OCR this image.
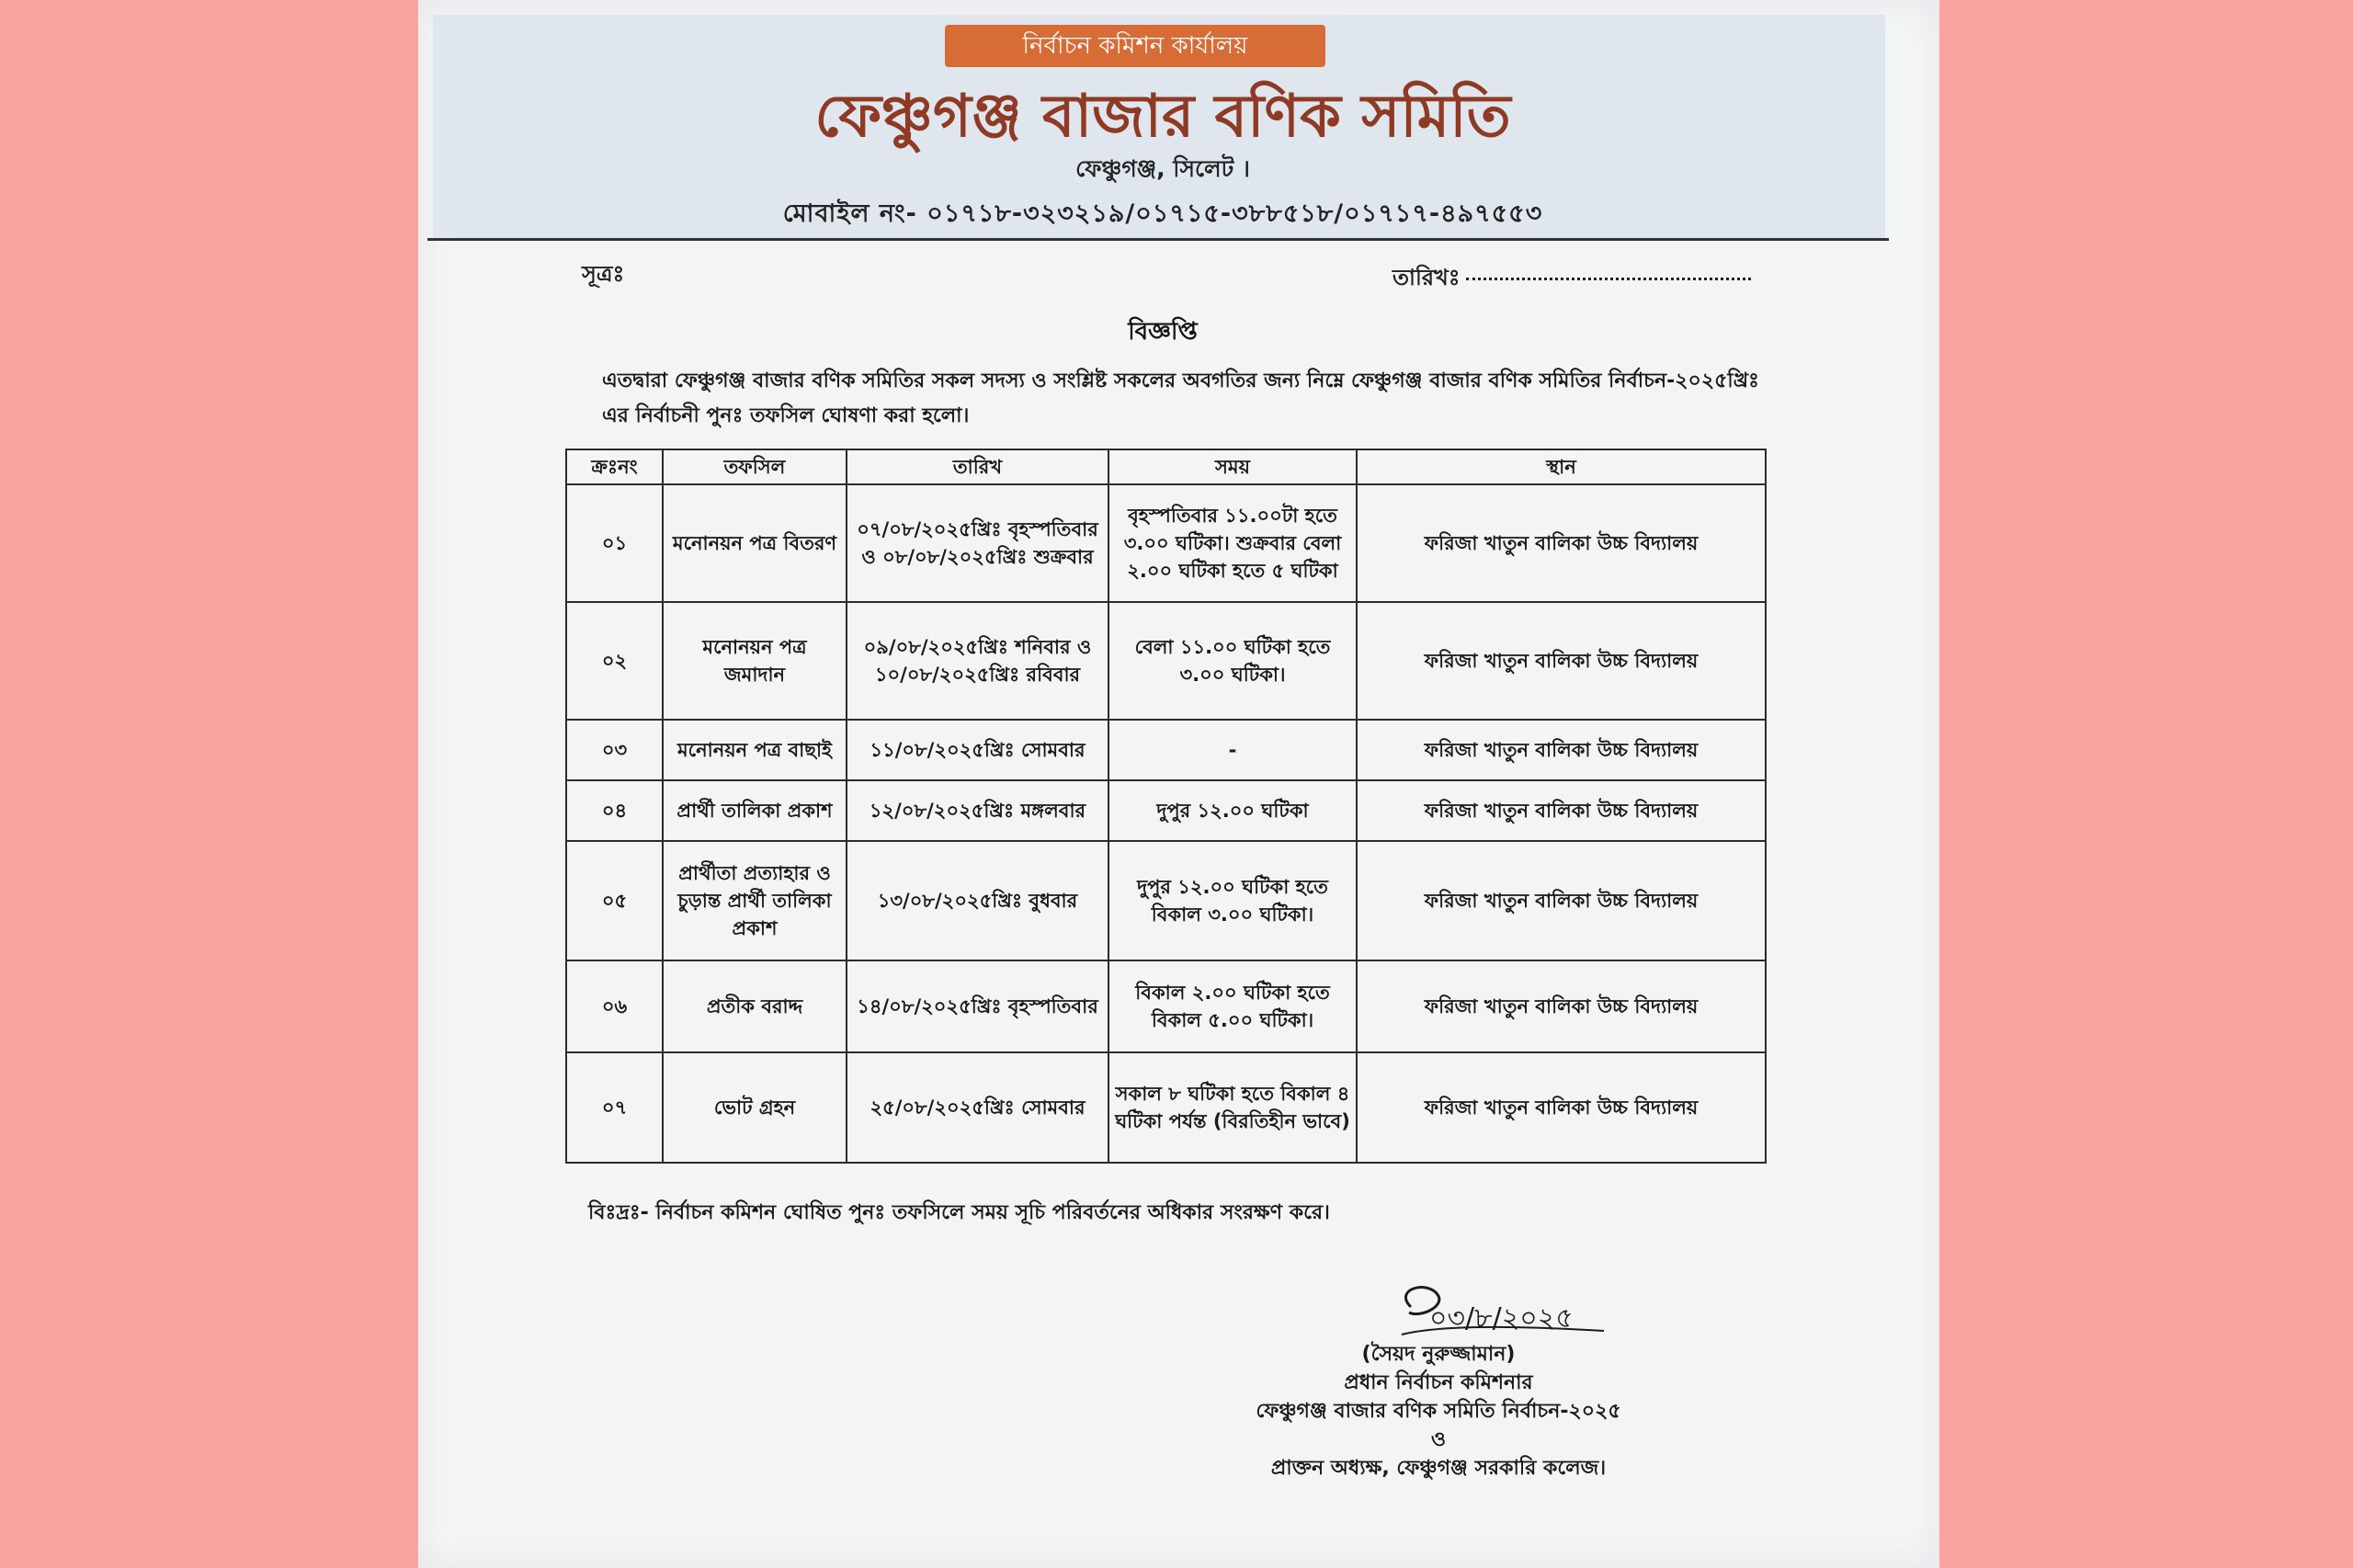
নির্বাচন কমিশন কার্যালয়
ফেঞ্চুগঞ্জ বাজার বণিক সমিতি
ফেঞ্চুগঞ্জ, সিলেট ।
মোবাইল নং- ০১৭১৮-৩২৩২১৯/০১৭১৫-৩৮৮৫১৮/০১৭১৭-৪৯৭৫৫৩
সূত্রঃ	তারিখঃ
বিজ্ঞপ্তি
এতদ্বারা ফেঞ্চুগঞ্জ বাজার বণিক সমিতির সকল সদস্য ও সংশ্লিষ্ট সকলের অবগতির জন্য নিম্নে ফেঞ্চুগঞ্জ বাজার বণিক সমিতির নির্বাচন-২০২৫খ্রিঃ এর নির্বাচনী পুনঃ তফসিল ঘোষণা করা হলো।
ক্রঃনং	তফসিল	তারিখ	সময়	স্থান
০১	মনোনয়ন পত্র বিতরণ	০৭/০৮/২০২৫খ্রিঃ বৃহস্পতিবার ও ০৮/০৮/২০২৫খ্রিঃ শুক্রবার	বৃহস্পতিবার ১১.০০টা হতে ৩.০০ ঘটিকা। শুক্রবার বেলা ২.০০ ঘটিকা হতে ৫ ঘটিকা	ফরিজা খাতুন বালিকা উচ্চ বিদ্যালয়
০২	মনোনয়ন পত্র জমাদান	০৯/০৮/২০২৫খ্রিঃ শনিবার ও ১০/০৮/২০২৫খ্রিঃ রবিবার	বেলা ১১.০০ ঘটিকা হতে ৩.০০ ঘটিকা।	ফরিজা খাতুন বালিকা উচ্চ বিদ্যালয়
০৩	মনোনয়ন পত্র বাছাই	১১/০৮/২০২৫খ্রিঃ সোমবার	-	ফরিজা খাতুন বালিকা উচ্চ বিদ্যালয়
০৪	প্রার্থী তালিকা প্রকাশ	১২/০৮/২০২৫খ্রিঃ মঙ্গলবার	দুপুর ১২.০০ ঘটিকা	ফরিজা খাতুন বালিকা উচ্চ বিদ্যালয়
০৫	প্রার্থীতা প্রত্যাহার ও চুড়ান্ত প্রার্থী তালিকা প্রকাশ	১৩/০৮/২০২৫খ্রিঃ বুধবার	দুপুর ১২.০০ ঘটিকা হতে বিকাল ৩.০০ ঘটিকা।	ফরিজা খাতুন বালিকা উচ্চ বিদ্যালয়
০৬	প্রতীক বরাদ্দ	১৪/০৮/২০২৫খ্রিঃ বৃহস্পতিবার	বিকাল ২.০০ ঘটিকা হতে বিকাল ৫.০০ ঘটিকা।	ফরিজা খাতুন বালিকা উচ্চ বিদ্যালয়
০৭	ভোট গ্রহন	২৫/০৮/২০২৫খ্রিঃ সোমবার	সকাল ৮ ঘটিকা হতে বিকাল ৪ ঘটিকা পর্যন্ত (বিরতিহীন ভাবে)	ফরিজা খাতুন বালিকা উচ্চ বিদ্যালয়
বিঃদ্রঃ- নির্বাচন কমিশন ঘোষিত পুনঃ তফসিলে সময় সূচি পরিবর্তনের অধিকার সংরক্ষণ করে।
০৩/৮/২০২৫
(সৈয়দ নুরুজ্জামান)
প্রধান নির্বাচন কমিশনার
ফেঞ্চুগঞ্জ বাজার বণিক সমিতি নির্বাচন-২০২৫
ও
প্রাক্তন অধ্যক্ষ, ফেঞ্চুগঞ্জ সরকারি কলেজ।
